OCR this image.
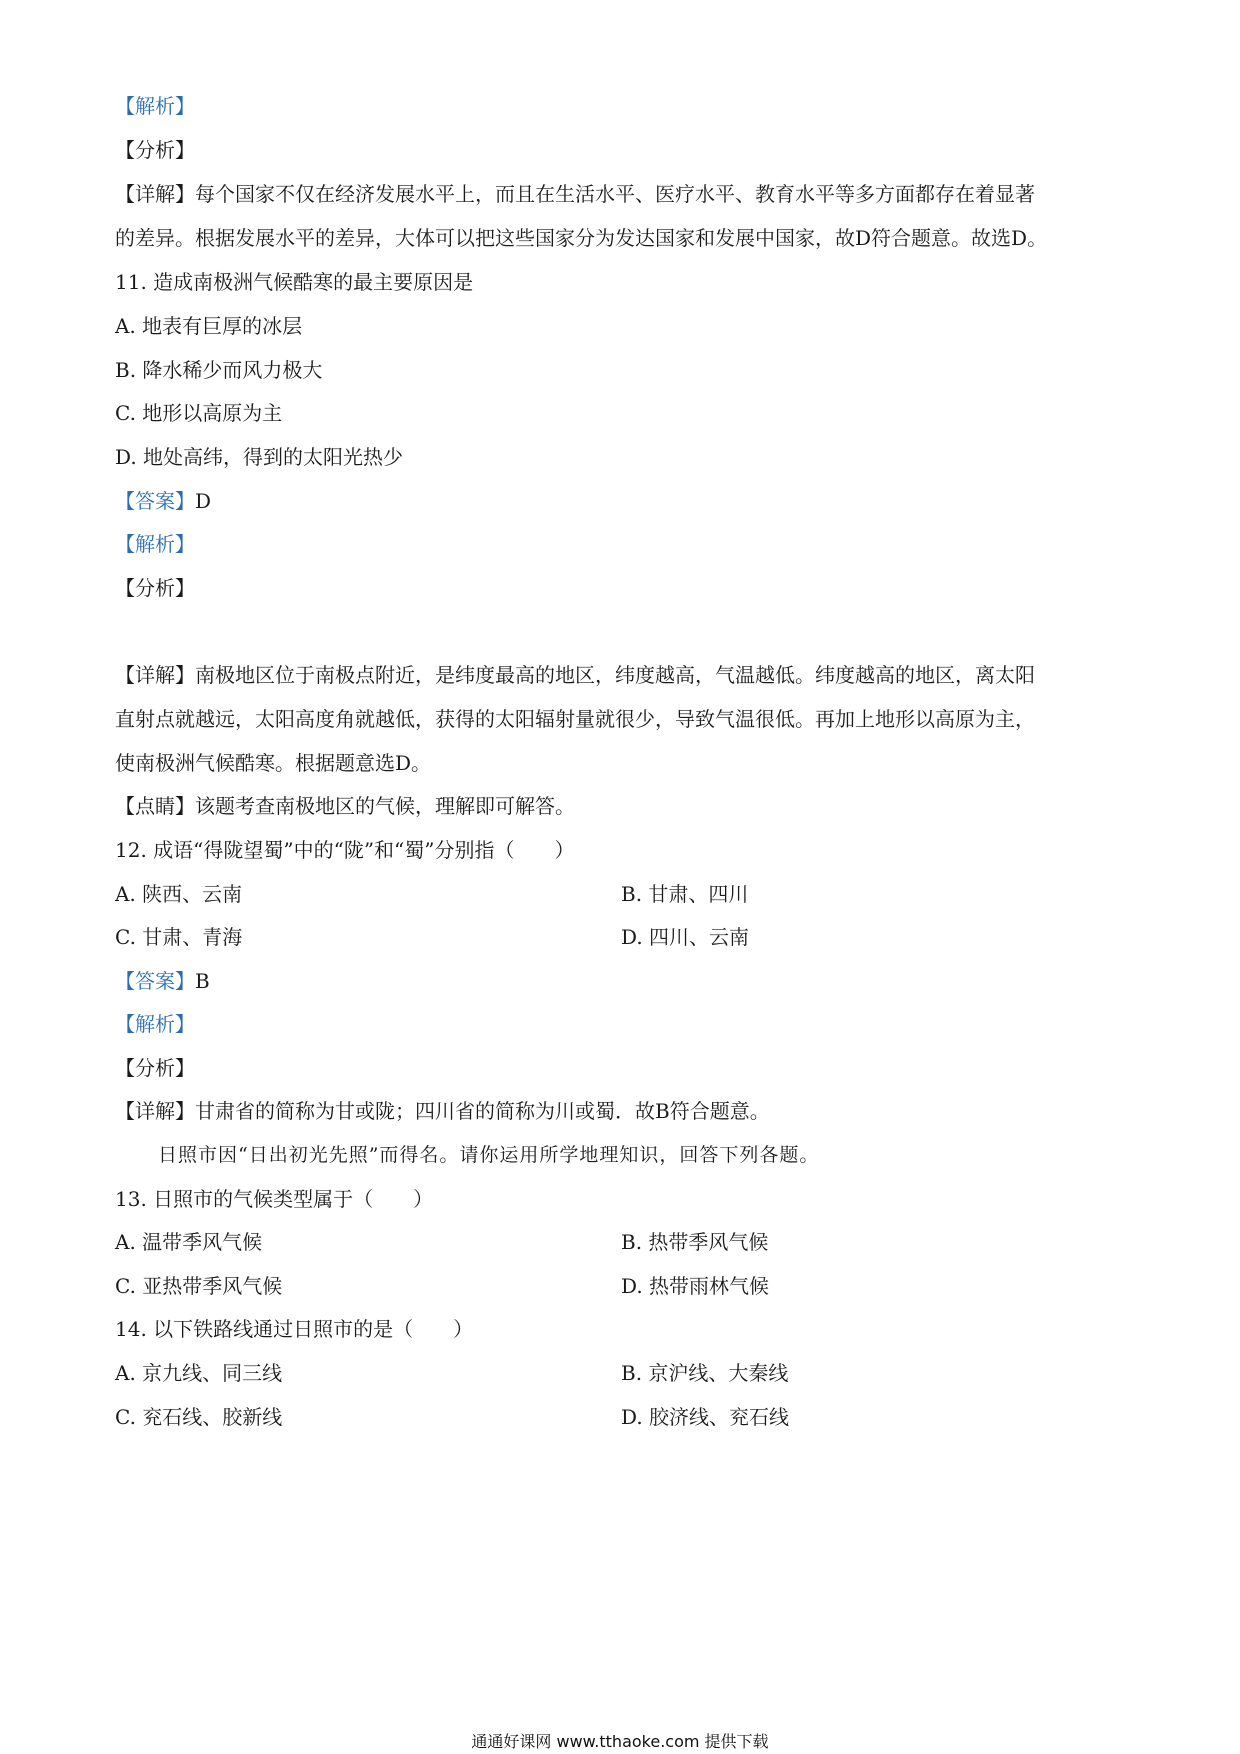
【解析】
【分析】
【详解】每个国家不仅在经济发展水平上，而且在生活水平、医疗水平、教育水平等多方面都存在着显著
的差异。根据发展水平的差异，大体可以把这些国家分为发达国家和发展中国家，故D符合题意。故选D。
11. 造成南极洲气候酷寒的最主要原因是
A. 地表有巨厚的冰层
B. 降水稀少而风力极大
C. 地形以高原为主
D. 地处高纬，得到的太阳光热少
【答案】D
【解析】
【分析】
【详解】南极地区位于南极点附近，是纬度最高的地区，纬度越高，气温越低。纬度越高的地区，离太阳
直射点就越远，太阳高度角就越低，获得的太阳辐射量就很少，导致气温很低。再加上地形以高原为主，
使南极洲气候酷寒。根据题意选D。
【点睛】该题考查南极地区的气候，理解即可解答。
12. 成语“得陇望蜀”中的“陇”和“蜀”分别指（　　）
A. 陕西、云南	B. 甘肃、四川
C. 甘肃、青海	D. 四川、云南
【答案】B
【解析】
【分析】
【详解】甘肃省的简称为甘或陇；四川省的简称为川或蜀．故B符合题意。
日照市因“日出初光先照”而得名。请你运用所学地理知识，回答下列各题。
13. 日照市的气候类型属于（　　）
A. 温带季风气候	B. 热带季风气候
C. 亚热带季风气候	D. 热带雨林气候
14. 以下铁路线通过日照市的是（　　）
A. 京九线、同三线	B. 京沪线、大秦线
C. 兖石线、胶新线	D. 胶济线、兖石线
通通好课网 www.tthaoke.com 提供下载
